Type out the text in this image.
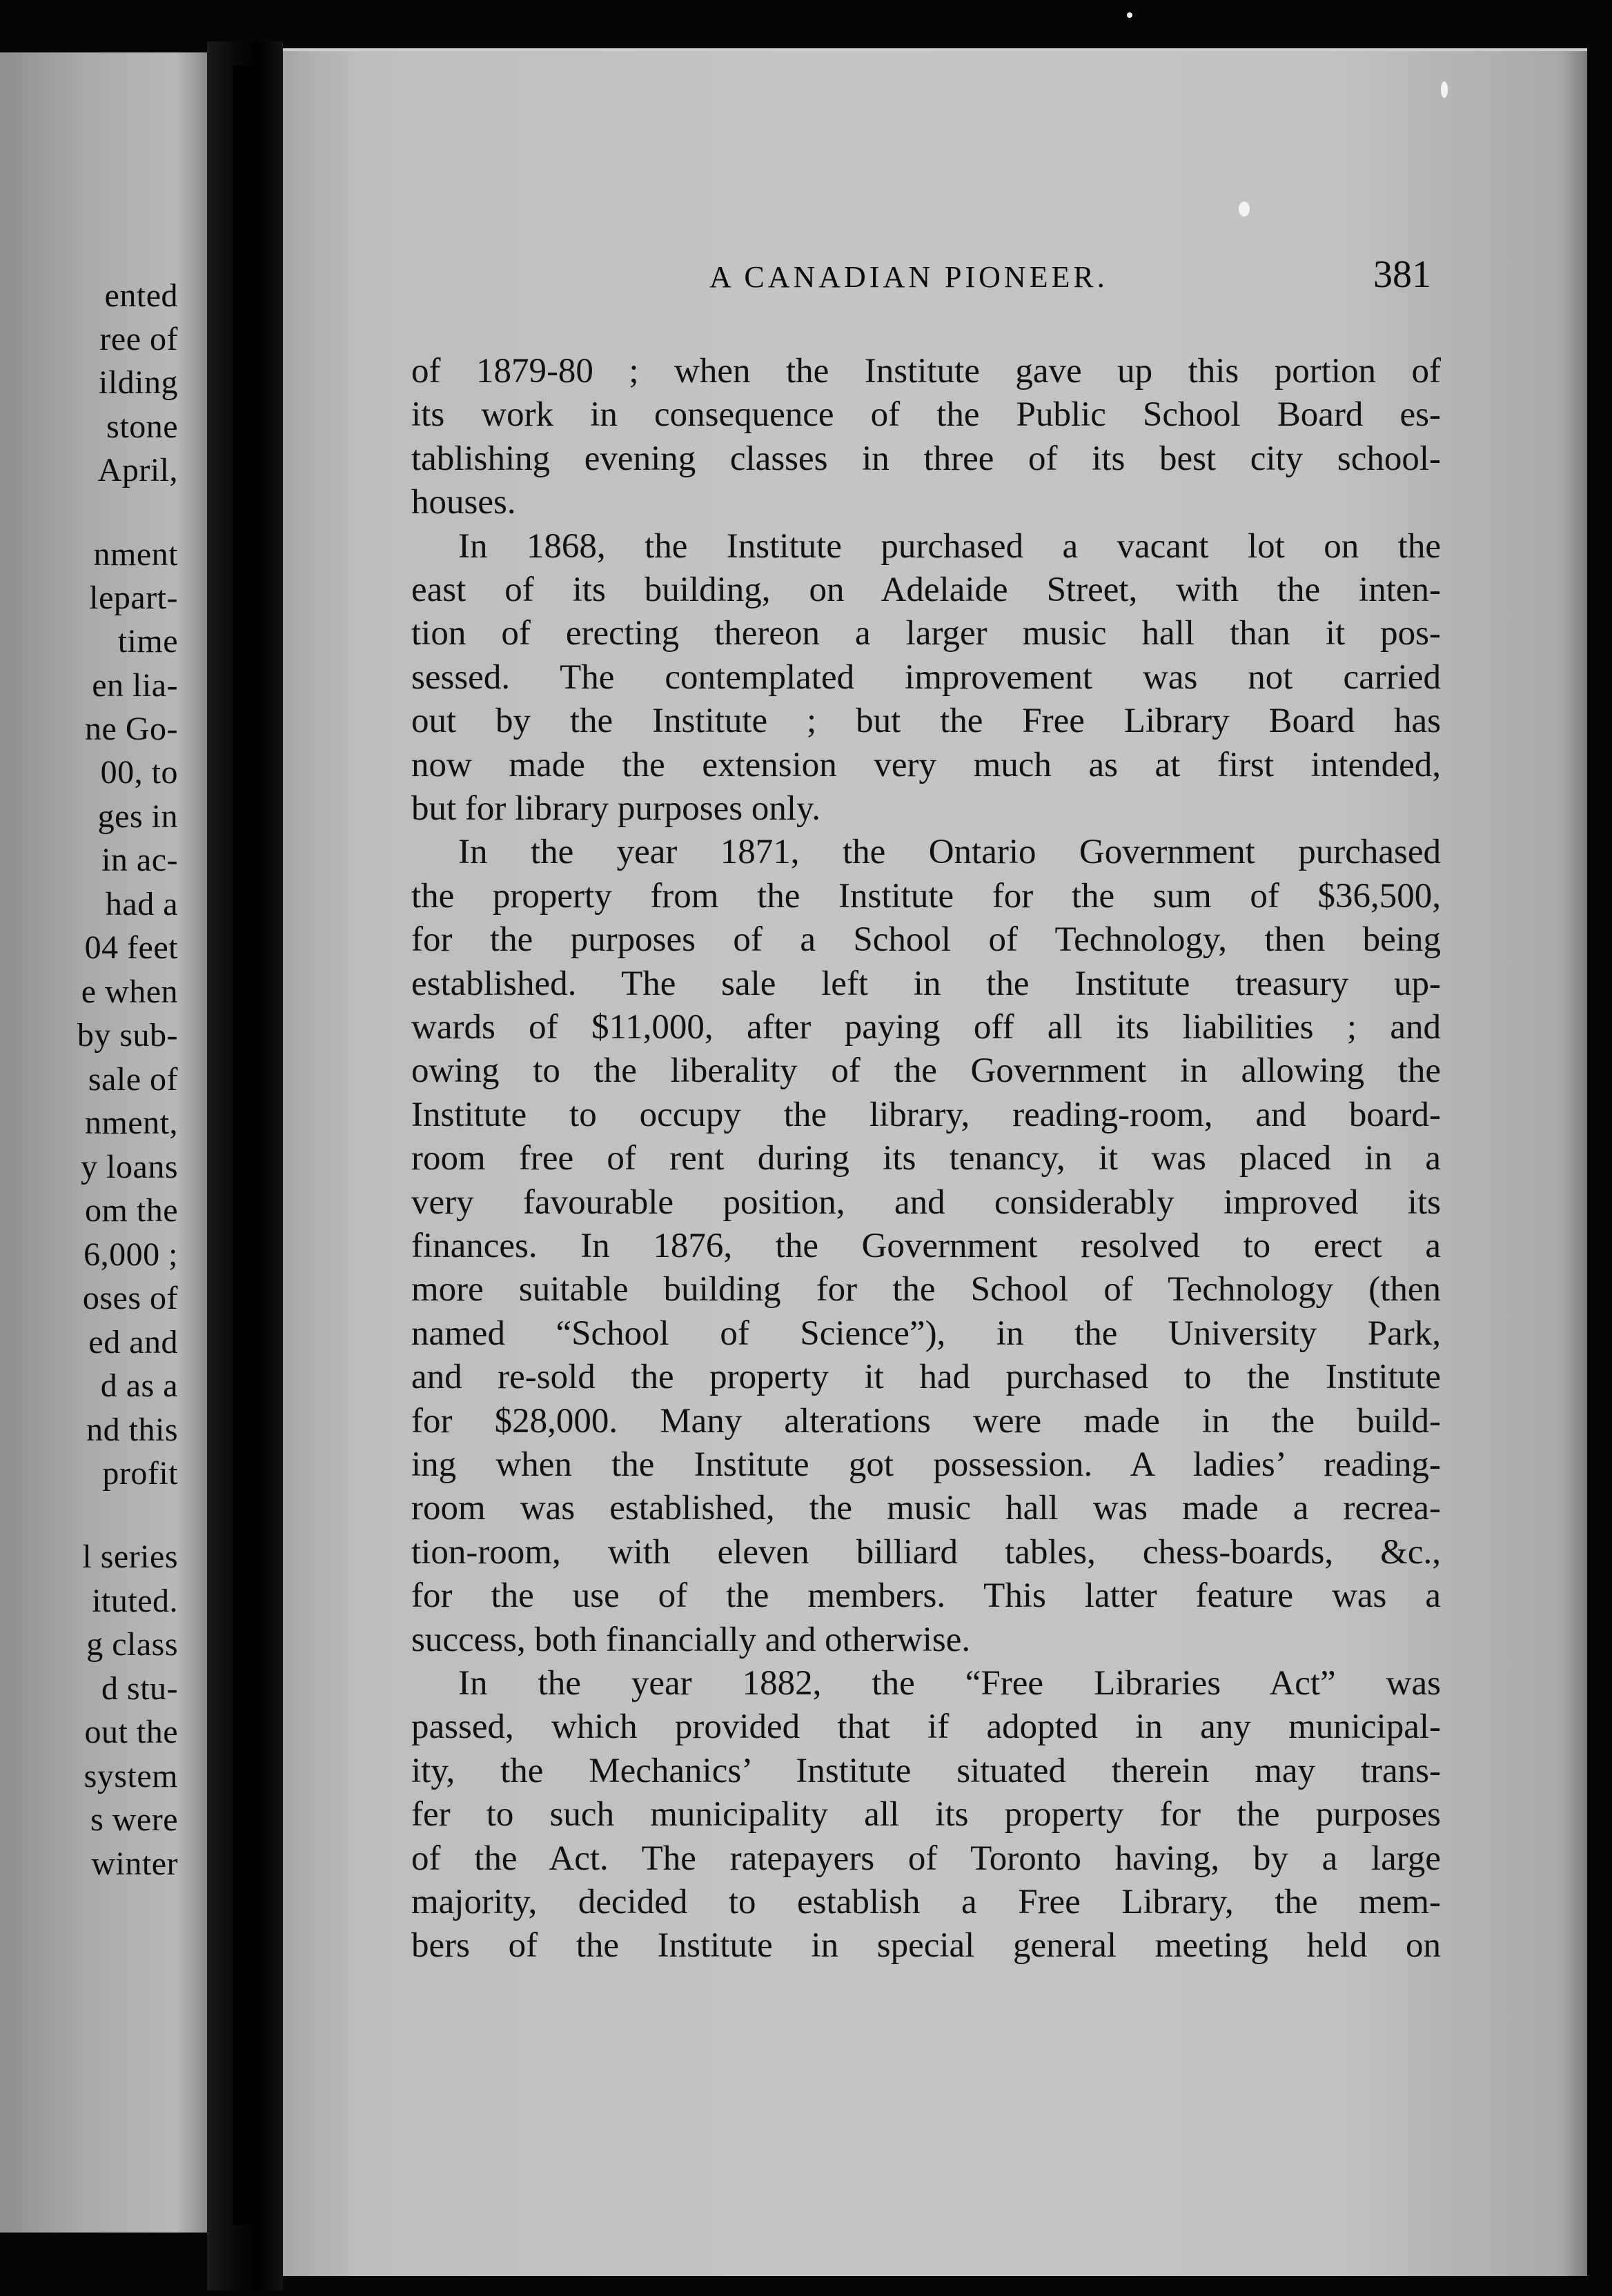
ented
ree of
ilding
stone
April,
nment
lepart-
time
en lia-
ne Go-
00, to
ges in
in ac-
had a
04 feet
e when
by sub-
sale of
nment,
y loans
om the
6,000 ;
oses of
ed and
d as a
nd this
profit
l series
ituted.
g class
d stu-
out the
system
s were
winter
A CANADIAN PIONEER.	381
of 1879-80 ; when the Institute gave up this portion of
its work in consequence of the Public School Board es-
tablishing evening classes in three of its best city school-
houses.
In 1868, the Institute purchased a vacant lot on the
east of its building, on Adelaide Street, with the inten-
tion of erecting thereon a larger music hall than it pos-
sessed. The contemplated improvement was not carried
out by the Institute ; but the Free Library Board has
now made the extension very much as at first intended,
but for library purposes only.
In the year 1871, the Ontario Government purchased
the property from the Institute for the sum of $36,500,
for the purposes of a School of Technology, then being
established. The sale left in the Institute treasury up-
wards of $11,000, after paying off all its liabilities ; and
owing to the liberality of the Government in allowing the
Institute to occupy the library, reading-room, and board-
room free of rent during its tenancy, it was placed in a
very favourable position, and considerably improved its
finances. In 1876, the Government resolved to erect a
more suitable building for the School of Technology (then
named “School of Science”), in the University Park,
and re-sold the property it had purchased to the Institute
for $28,000. Many alterations were made in the build-
ing when the Institute got possession. A ladies’ reading-
room was established, the music hall was made a recrea-
tion-room, with eleven billiard tables, chess-boards, &c.,
for the use of the members. This latter feature was a
success, both financially and otherwise.
In the year 1882, the “Free Libraries Act” was
passed, which provided that if adopted in any municipal-
ity, the Mechanics’ Institute situated therein may trans-
fer to such municipality all its property for the purposes
of the Act. The ratepayers of Toronto having, by a large
majority, decided to establish a Free Library, the mem-
bers of the Institute in special general meeting held on
